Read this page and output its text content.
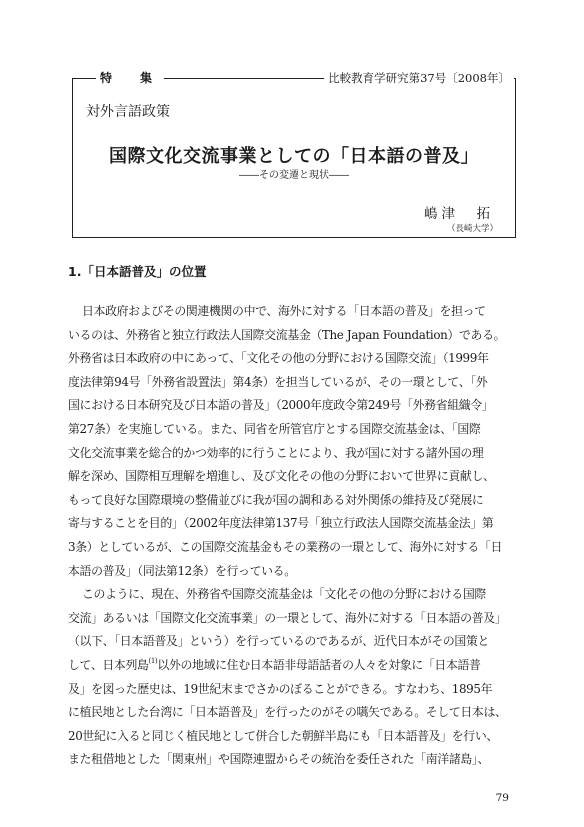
特　集	比較教育学研究第37号〔2008年〕
対外言語政策
国際文化交流事業としての「日本語の普及」
――その変遷と現状――
嶋津　拓
（長崎大学）
1.「日本語普及」の位置
日本政府およびその関連機関の中で、海外に対する「日本語の普及」を担って
いるのは、外務省と独立行政法人国際交流基金（The Japan Foundation）である。
外務省は日本政府の中にあって、「文化その他の分野における国際交流」（1999年
度法律第94号「外務省設置法」第4条）を担当しているが、その一環として、「外
国における日本研究及び日本語の普及」（2000年度政令第249号「外務省組織令」
第27条）を実施している。また、同省を所管官庁とする国際交流基金は、「国際
文化交流事業を総合的かつ効率的に行うことにより、我が国に対する諸外国の理
解を深め、国際相互理解を増進し、及び文化その他の分野において世界に貢献し、
もって良好な国際環境の整備並びに我が国の調和ある対外関係の維持及び発展に
寄与することを目的」（2002年度法律第137号「独立行政法人国際交流基金法」第
3条）としているが、この国際交流基金もその業務の一環として、海外に対する「日
本語の普及」（同法第12条）を行っている。
このように、現在、外務省や国際交流基金は「文化その他の分野における国際
交流」あるいは「国際文化交流事業」の一環として、海外に対する「日本語の普及」
（以下、「日本語普及」という）を行っているのであるが、近代日本がその国策と
して、日本列島$^{(1)}$以外の地域に住む日本語非母語話者の人々を対象に「日本語普
及」を図った歴史は、19世紀末までさかのぼることができる。すなわち、1895年
に植民地とした台湾に「日本語普及」を行ったのがその嚆矢である。そして日本は、
20世紀に入ると同じく植民地として併合した朝鮮半島にも「日本語普及」を行い、
また租借地とした「関東州」や国際連盟からその統治を委任された「南洋諸島」、
79
